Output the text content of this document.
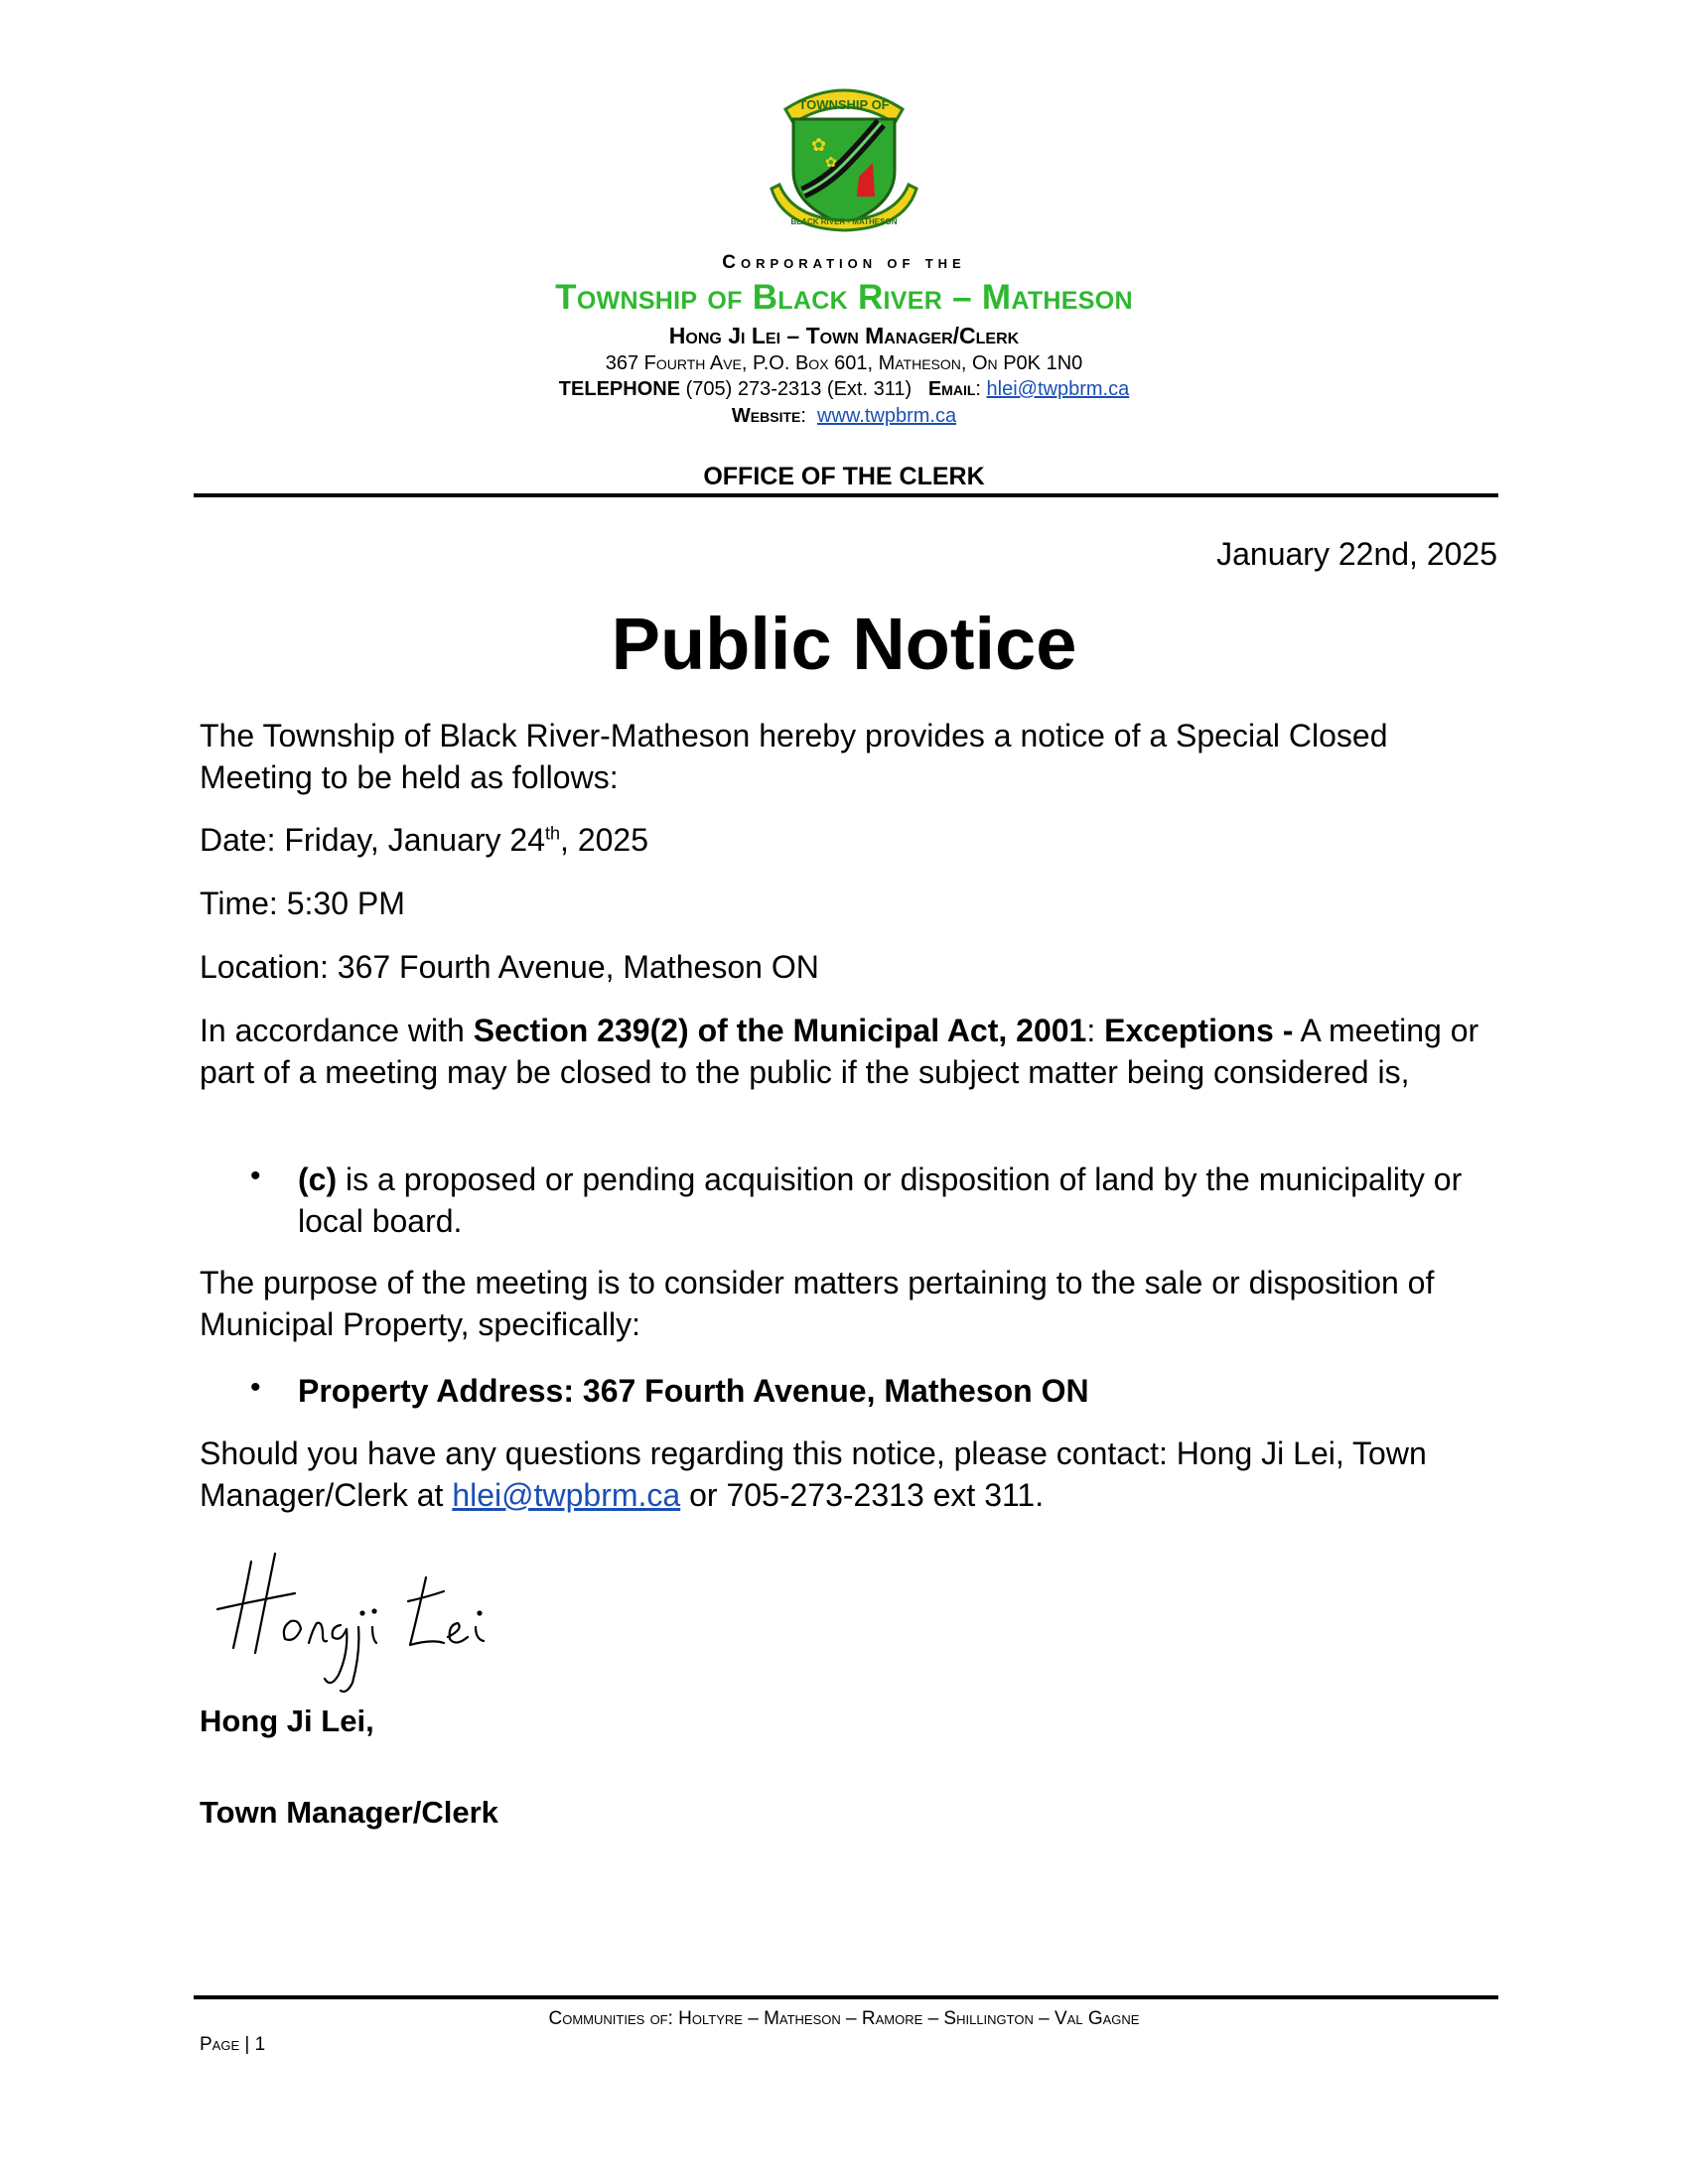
TOWNSHIP OF
✿
✿
BLACK RIVER - MATHESON
Corporation of the
Township of Black River – Matheson
Hong Ji Lei – Town Manager/Clerk
367 Fourth Ave, P.O. Box 601, Matheson, On P0K 1N0
TELEPHONE (705) 273-2313 (Ext. 311) Email: hlei@twpbrm.ca
Website:  www.twpbrm.ca
OFFICE OF THE CLERK
January 22nd, 2025
Public Notice
The Township of Black River-Matheson hereby provides a notice of a Special Closed Meeting to be held as follows:
Date: Friday, January 24th, 2025
Time: 5:30 PM
Location: 367 Fourth Avenue, Matheson ON
In accordance with Section 239(2) of the Municipal Act, 2001: Exceptions - A meeting or part of a meeting may be closed to the public if the subject matter being considered is,
• (c) is a proposed or pending acquisition or disposition of land by the municipality or local board.
The purpose of the meeting is to consider matters pertaining to the sale or disposition of Municipal Property, specifically:
• Property Address: 367 Fourth Avenue, Matheson ON
Should you have any questions regarding this notice, please contact: Hong Ji Lei, Town Manager/Clerk at hlei@twpbrm.ca or 705-273-2313 ext 311.
Hongji Lei
Hong Ji Lei,
Town Manager/Clerk
Communities of: Holtyre – Matheson – Ramore – Shillington – Val Gagne
Page | 1
